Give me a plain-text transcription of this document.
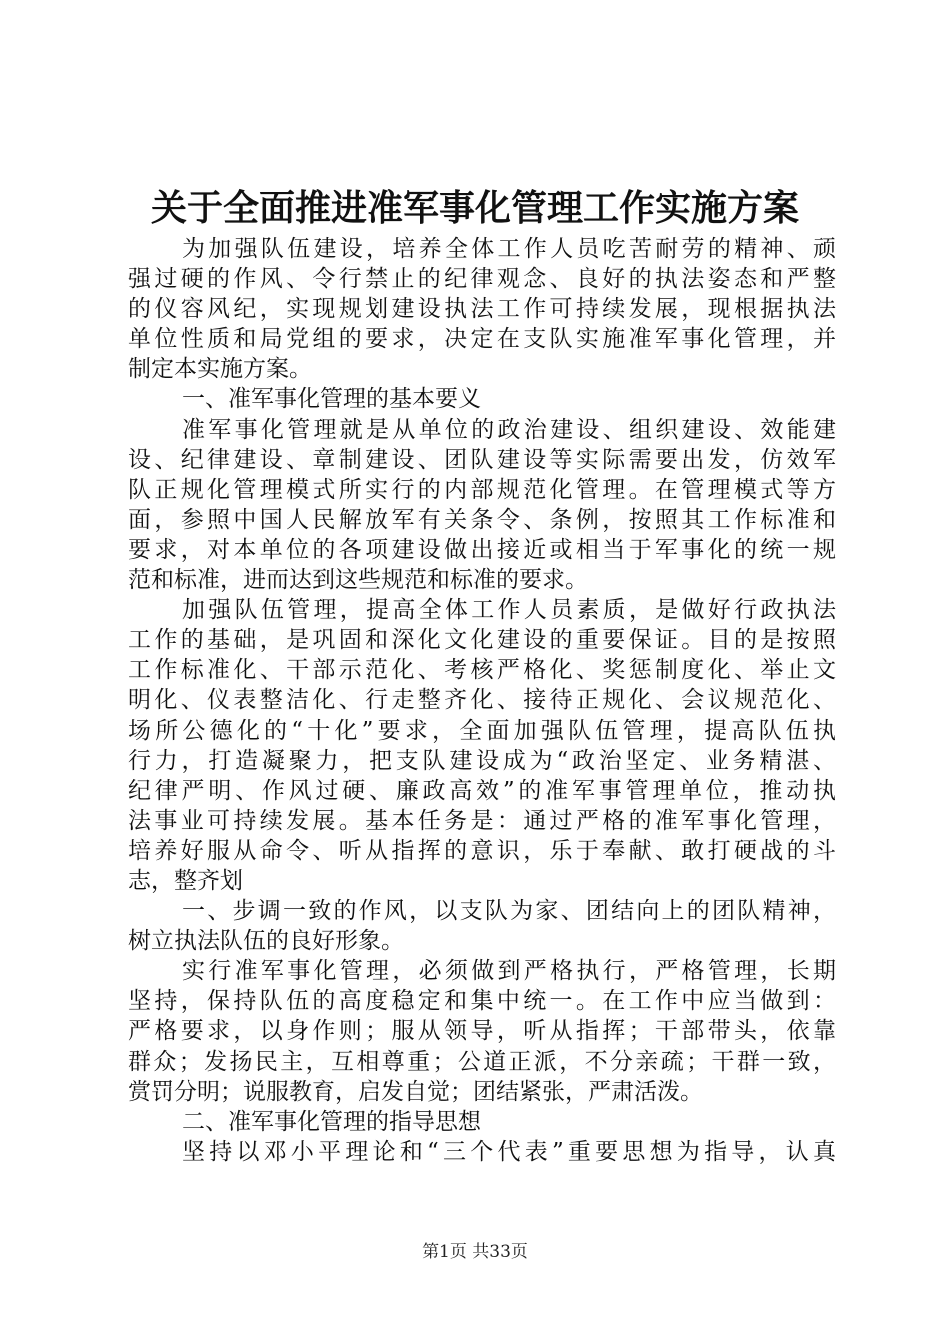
关于全面推进准军事化管理工作实施方案
为加强队伍建设，培养全体工作人员吃苦耐劳的精神、顽
强过硬的作风、令行禁止的纪律观念、良好的执法姿态和严整
的仪容风纪，实现规划建设执法工作可持续发展，现根据执法
单位性质和局党组的要求，决定在支队实施准军事化管理，并
制定本实施方案。
一、准军事化管理的基本要义
准军事化管理就是从单位的政治建设、组织建设、效能建
设、纪律建设、章制建设、团队建设等实际需要出发，仿效军
队正规化管理模式所实行的内部规范化管理。在管理模式等方
面，参照中国人民解放军有关条令、条例，按照其工作标准和
要求，对本单位的各项建设做出接近或相当于军事化的统一规
范和标准，进而达到这些规范和标准的要求。
加强队伍管理，提高全体工作人员素质，是做好行政执法
工作的基础，是巩固和深化文化建设的重要保证。目的是按照
工作标准化、干部示范化、考核严格化、奖惩制度化、举止文
明化、仪表整洁化、行走整齐化、接待正规化、会议规范化、
场所公德化的“十化”要求，全面加强队伍管理，提高队伍执
行力，打造凝聚力，把支队建设成为“政治坚定、业务精湛、
纪律严明、作风过硬、廉政高效”的准军事管理单位，推动执
法事业可持续发展。基本任务是：通过严格的准军事化管理，
培养好服从命令、听从指挥的意识，乐于奉献、敢打硬战的斗
志，整齐划
一、步调一致的作风，以支队为家、团结向上的团队精神，
树立执法队伍的良好形象。
实行准军事化管理，必须做到严格执行，严格管理，长期
坚持，保持队伍的高度稳定和集中统一。在工作中应当做到：
严格要求，以身作则；服从领导，听从指挥；干部带头，依靠
群众；发扬民主，互相尊重；公道正派，不分亲疏；干群一致，
赏罚分明；说服教育，启发自觉；团结紧张，严肃活泼。
二、准军事化管理的指导思想
坚持以邓小平理论和“三个代表”重要思想为指导，认真
第1页 共33页
